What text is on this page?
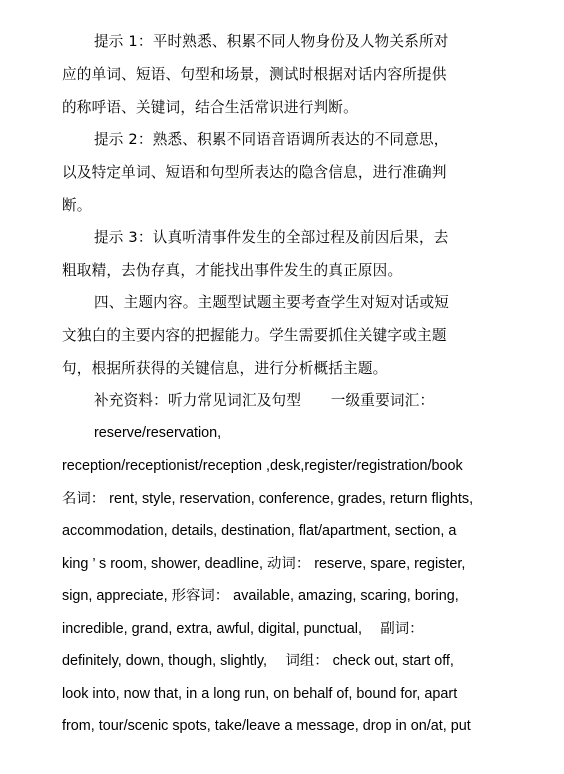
提示 1：平时熟悉、积累不同人物身份及人物关系所对
应的单词、短语、句型和场景，测试时根据对话内容所提供
的称呼语、关键词，结合生活常识进行判断。
提示 2：熟悉、积累不同语音语调所表达的不同意思，
以及特定单词、短语和句型所表达的隐含信息，进行准确判
断。
提示 3：认真听清事件发生的全部过程及前因后果，去
粗取精，去伪存真，才能找出事件发生的真正原因。
四、主题内容。主题型试题主要考查学生对短对话或短
文独白的主要内容的把握能力。学生需要抓住关键字或主题
句，根据所获得的关键信息，进行分析概括主题。
补充资料：听力常见词汇及句型　　一级重要词汇：
reserve/reservation,
reception/receptionist/reception ,desk,register/registration/book
名词： rent, style, reservation, conference, grades, return flights,
accommodation, details, destination, flat/apartment, section, a
king ’ s room, shower, deadline, 动词： reserve, spare, register,
sign, appreciate, 形容词： available, amazing, scaring, boring,
incredible, grand, extra, awful, digital, punctual,　 副词：
definitely, down, though, slightly,　 词组： check out, start off,
look into, now that, in a long run, on behalf of, bound for, apart
from, tour/scenic spots, take/leave a message, drop in on/at, put
